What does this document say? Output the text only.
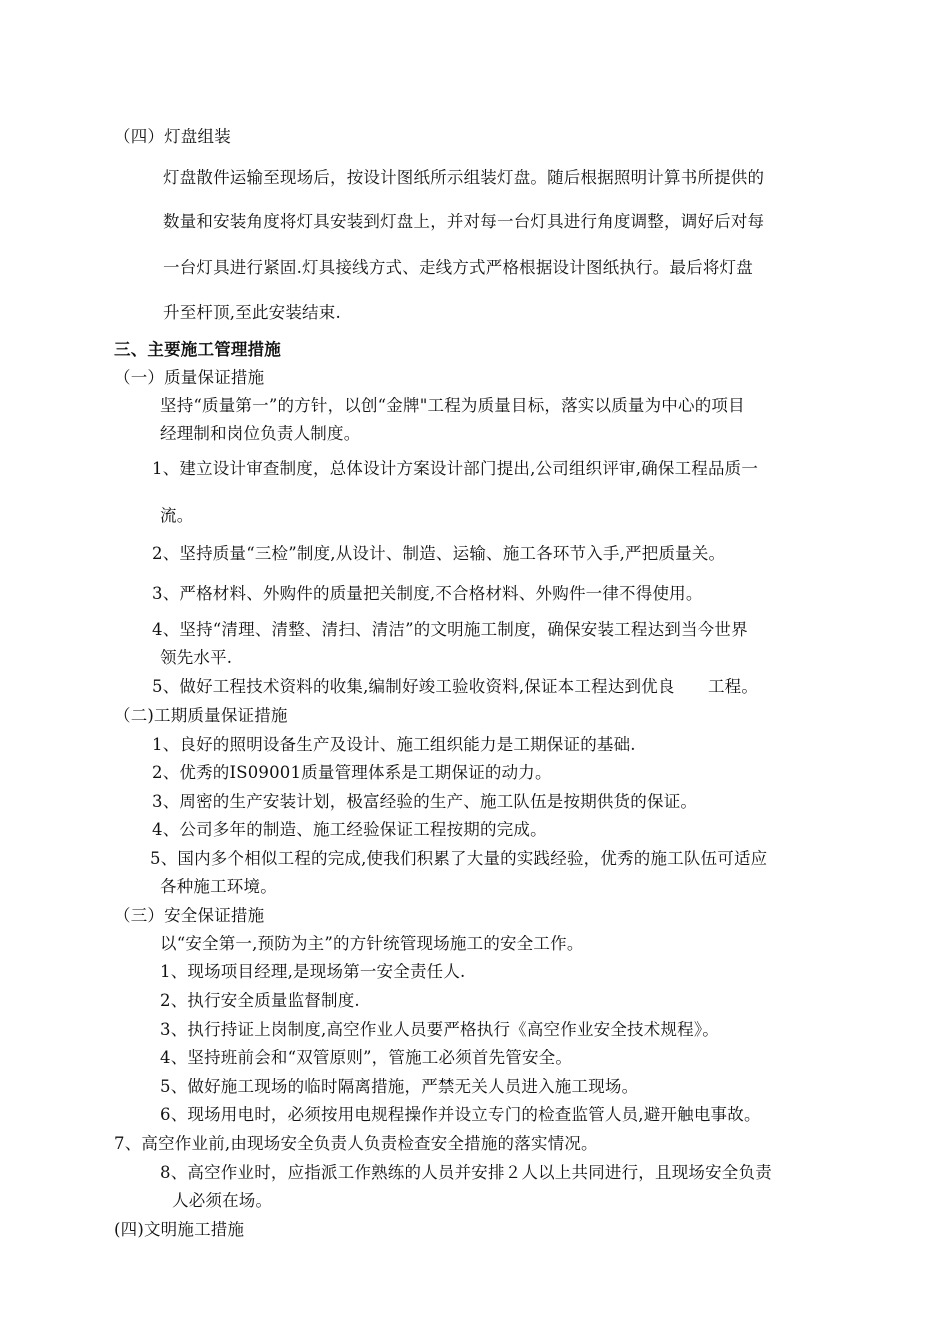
（四）灯盘组装
灯盘散件运输至现场后，按设计图纸所示组装灯盘。随后根据照明计算书所提供的
数量和安装角度将灯具安装到灯盘上，并对每一台灯具进行角度调整，调好后对每
一台灯具进行紧固.灯具接线方式、走线方式严格根据设计图纸执行。最后将灯盘
升至杆顶,至此安装结束.
三、主要施工管理措施
（一）质量保证措施
坚持“质量第一”的方针，以创“金牌"工程为质量目标，落实以质量为中心的项目
经理制和岗位负责人制度。
1、建立设计审查制度，总体设计方案设计部门提出,公司组织评审,确保工程品质一
流。
2、坚持质量“三检”制度,从设计、制造、运输、施工各环节入手,严把质量关。
3、严格材料、外购件的质量把关制度,不合格材料、外购件一律不得使用。
4、坚持“清理、清整、清扫、清洁”的文明施工制度，确保安装工程达到当今世界
领先水平.
5、做好工程技术资料的收集,编制好竣工验收资料,保证本工程达到优良　　工程。
（二)工期质量保证措施
1、良好的照明设备生产及设计、施工组织能力是工期保证的基础.
2、优秀的IS09001质量管理体系是工期保证的动力。
3、周密的生产安装计划，极富经验的生产、施工队伍是按期供货的保证。
4、公司多年的制造、施工经验保证工程按期的完成。
5、国内多个相似工程的完成,使我们积累了大量的实践经验，优秀的施工队伍可适应
各种施工环境。
（三）安全保证措施
以“安全第一,预防为主”的方针统管现场施工的安全工作。
1、现场项目经理,是现场第一安全责任人.
2、执行安全质量监督制度.
3、执行持证上岗制度,高空作业人员要严格执行《高空作业安全技术规程》。
4、坚持班前会和“双管原则”，管施工必须首先管安全。
5、做好施工现场的临时隔离措施，严禁无关人员进入施工现场。
6、现场用电时，必须按用电规程操作并设立专门的检查监管人员,避开触电事故。
7、高空作业前,由现场安全负责人负责检查安全措施的落实情况。
8、高空作业时，应指派工作熟练的人员并安排２人以上共同进行，且现场安全负责
人必须在场。
(四)文明施工措施
